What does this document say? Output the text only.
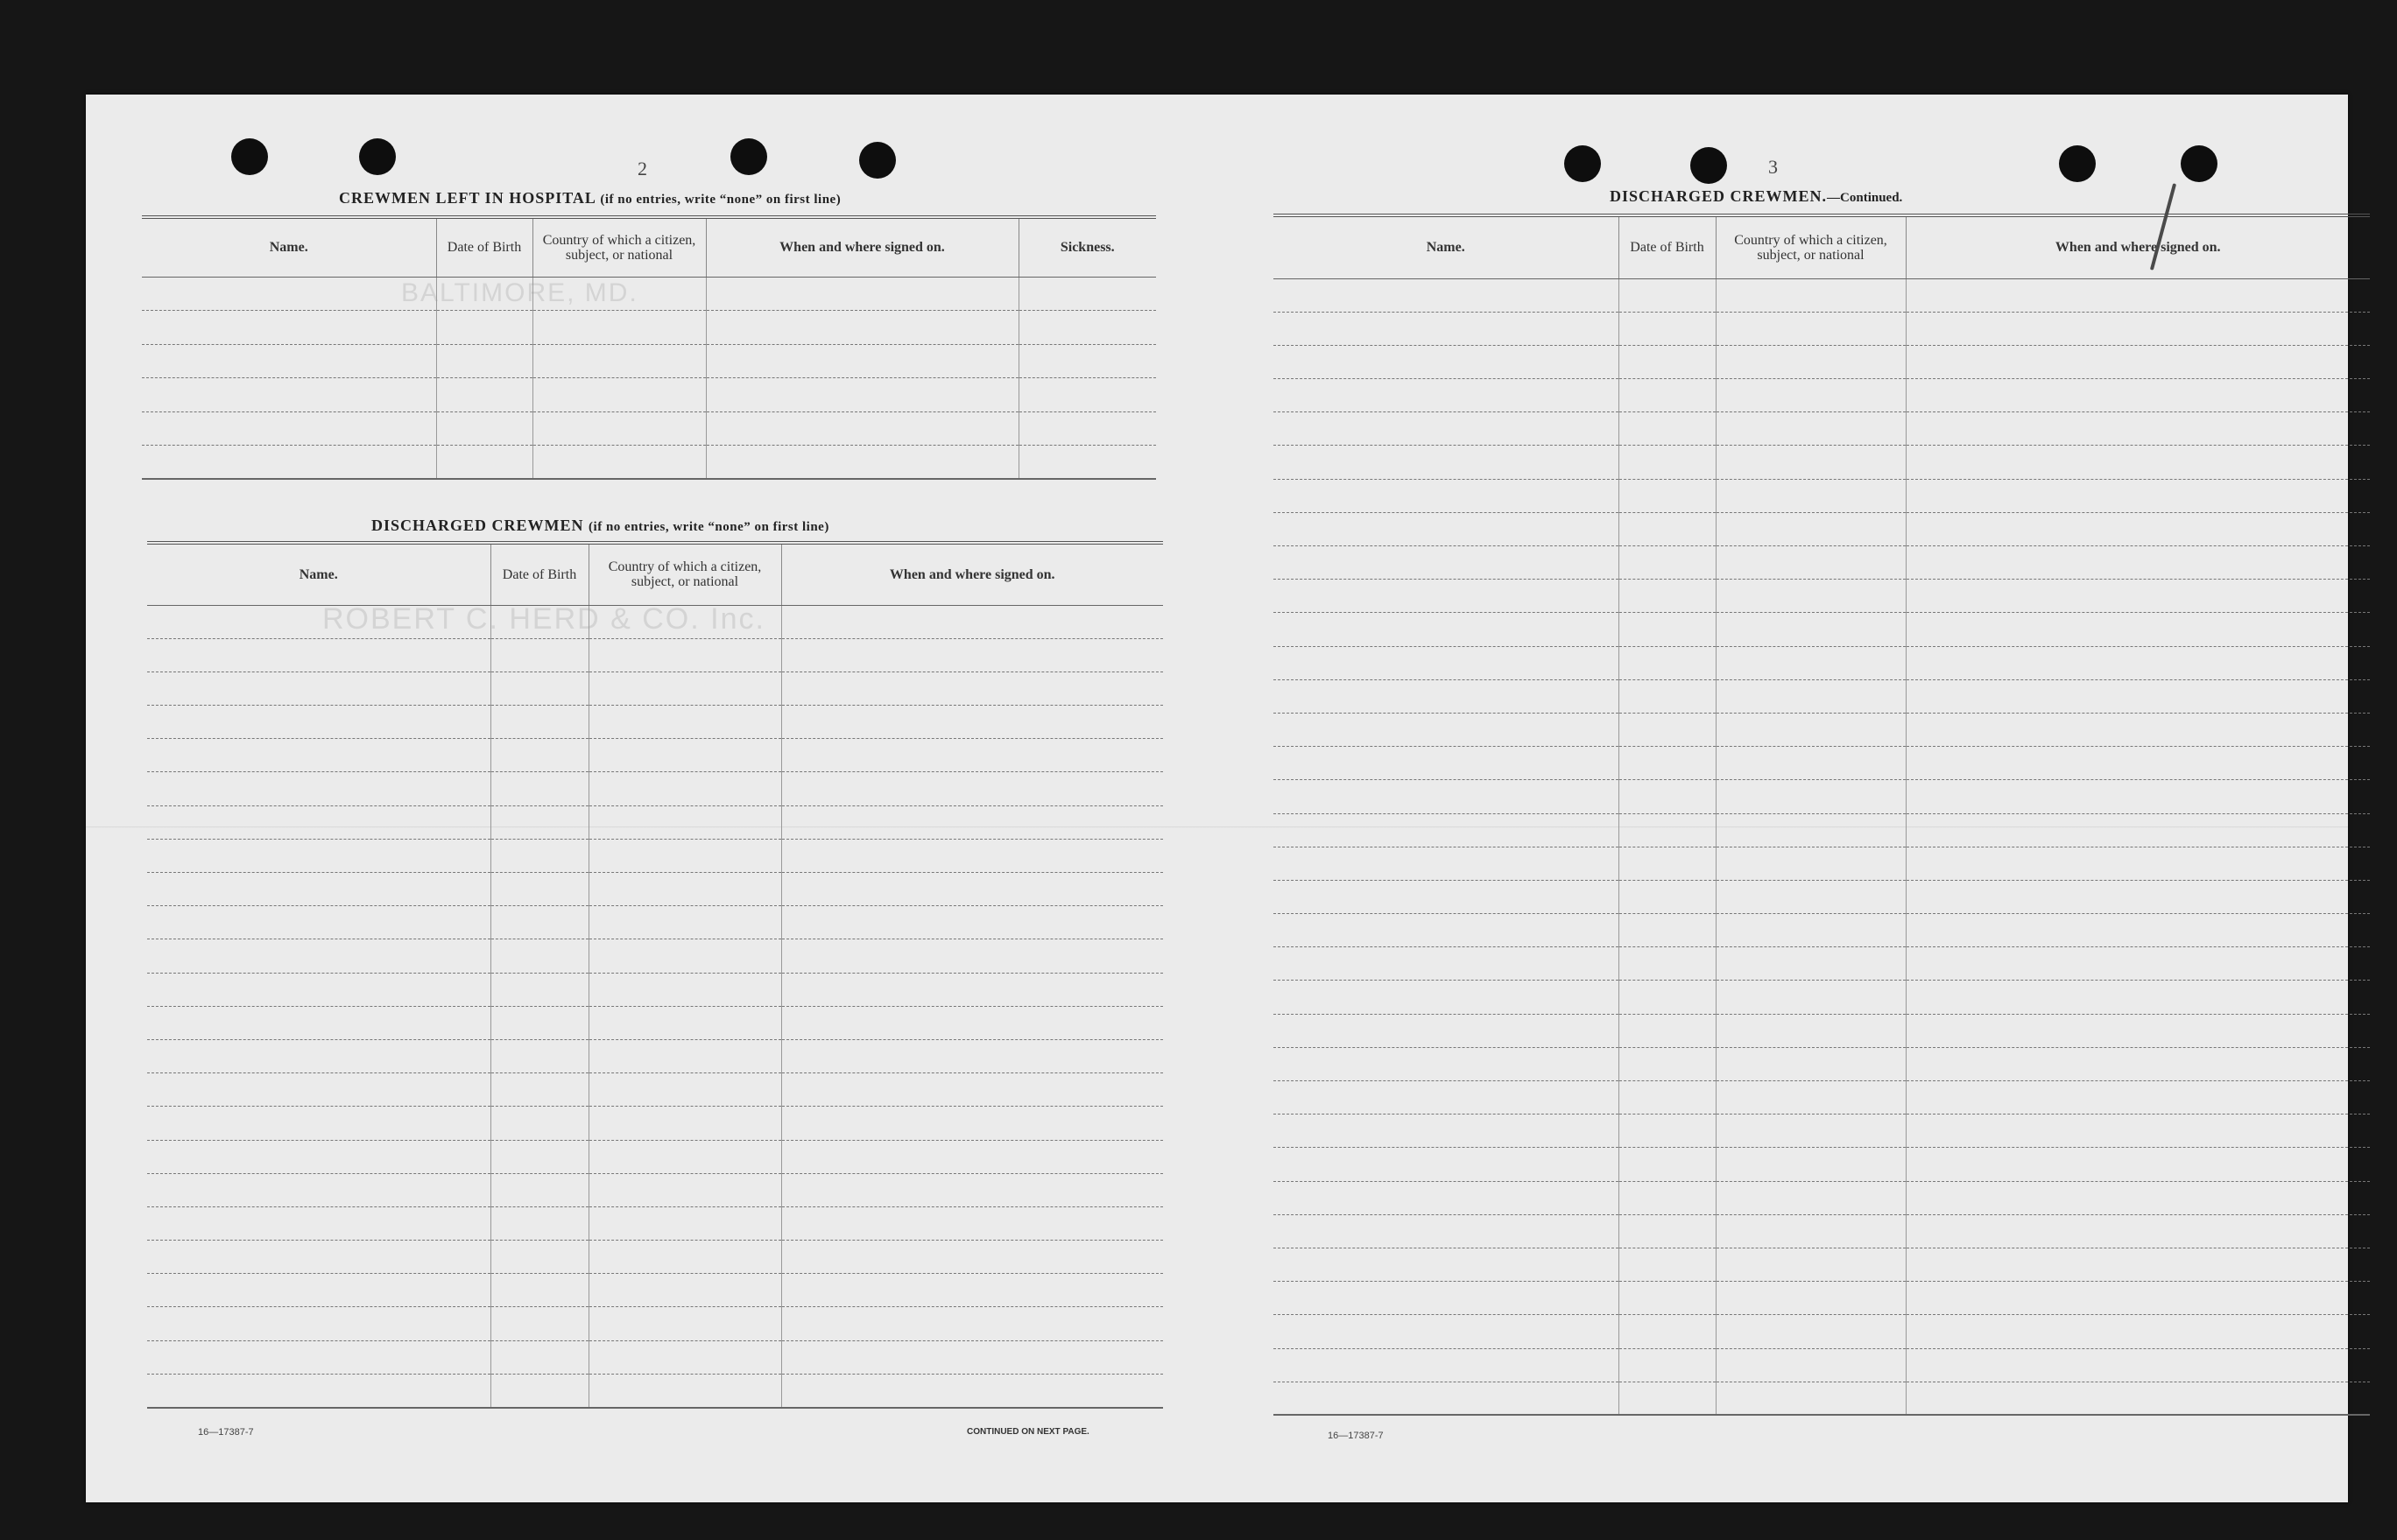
ROBERT C. HERD & CO. Inc.
BALTIMORE, MD.
2
CREWMEN LEFT IN HOSPITAL (if no entries, write “none” on first line)
Name.	Date of Birth	Country of which a citizen, subject, or national	When and where signed on.	Sickness.

DISCHARGED CREWMEN (if no entries, write “none” on first line)
Name.	Date of Birth	Country of which a citizen, subject, or national	When and where signed on.

16—17387-7	CONTINUED ON NEXT PAGE.
3
DISCHARGED CREWMEN.—Continued.
Name.	Date of Birth	Country of which a citizen, subject, or national	When and where signed on.

16—17387-7
